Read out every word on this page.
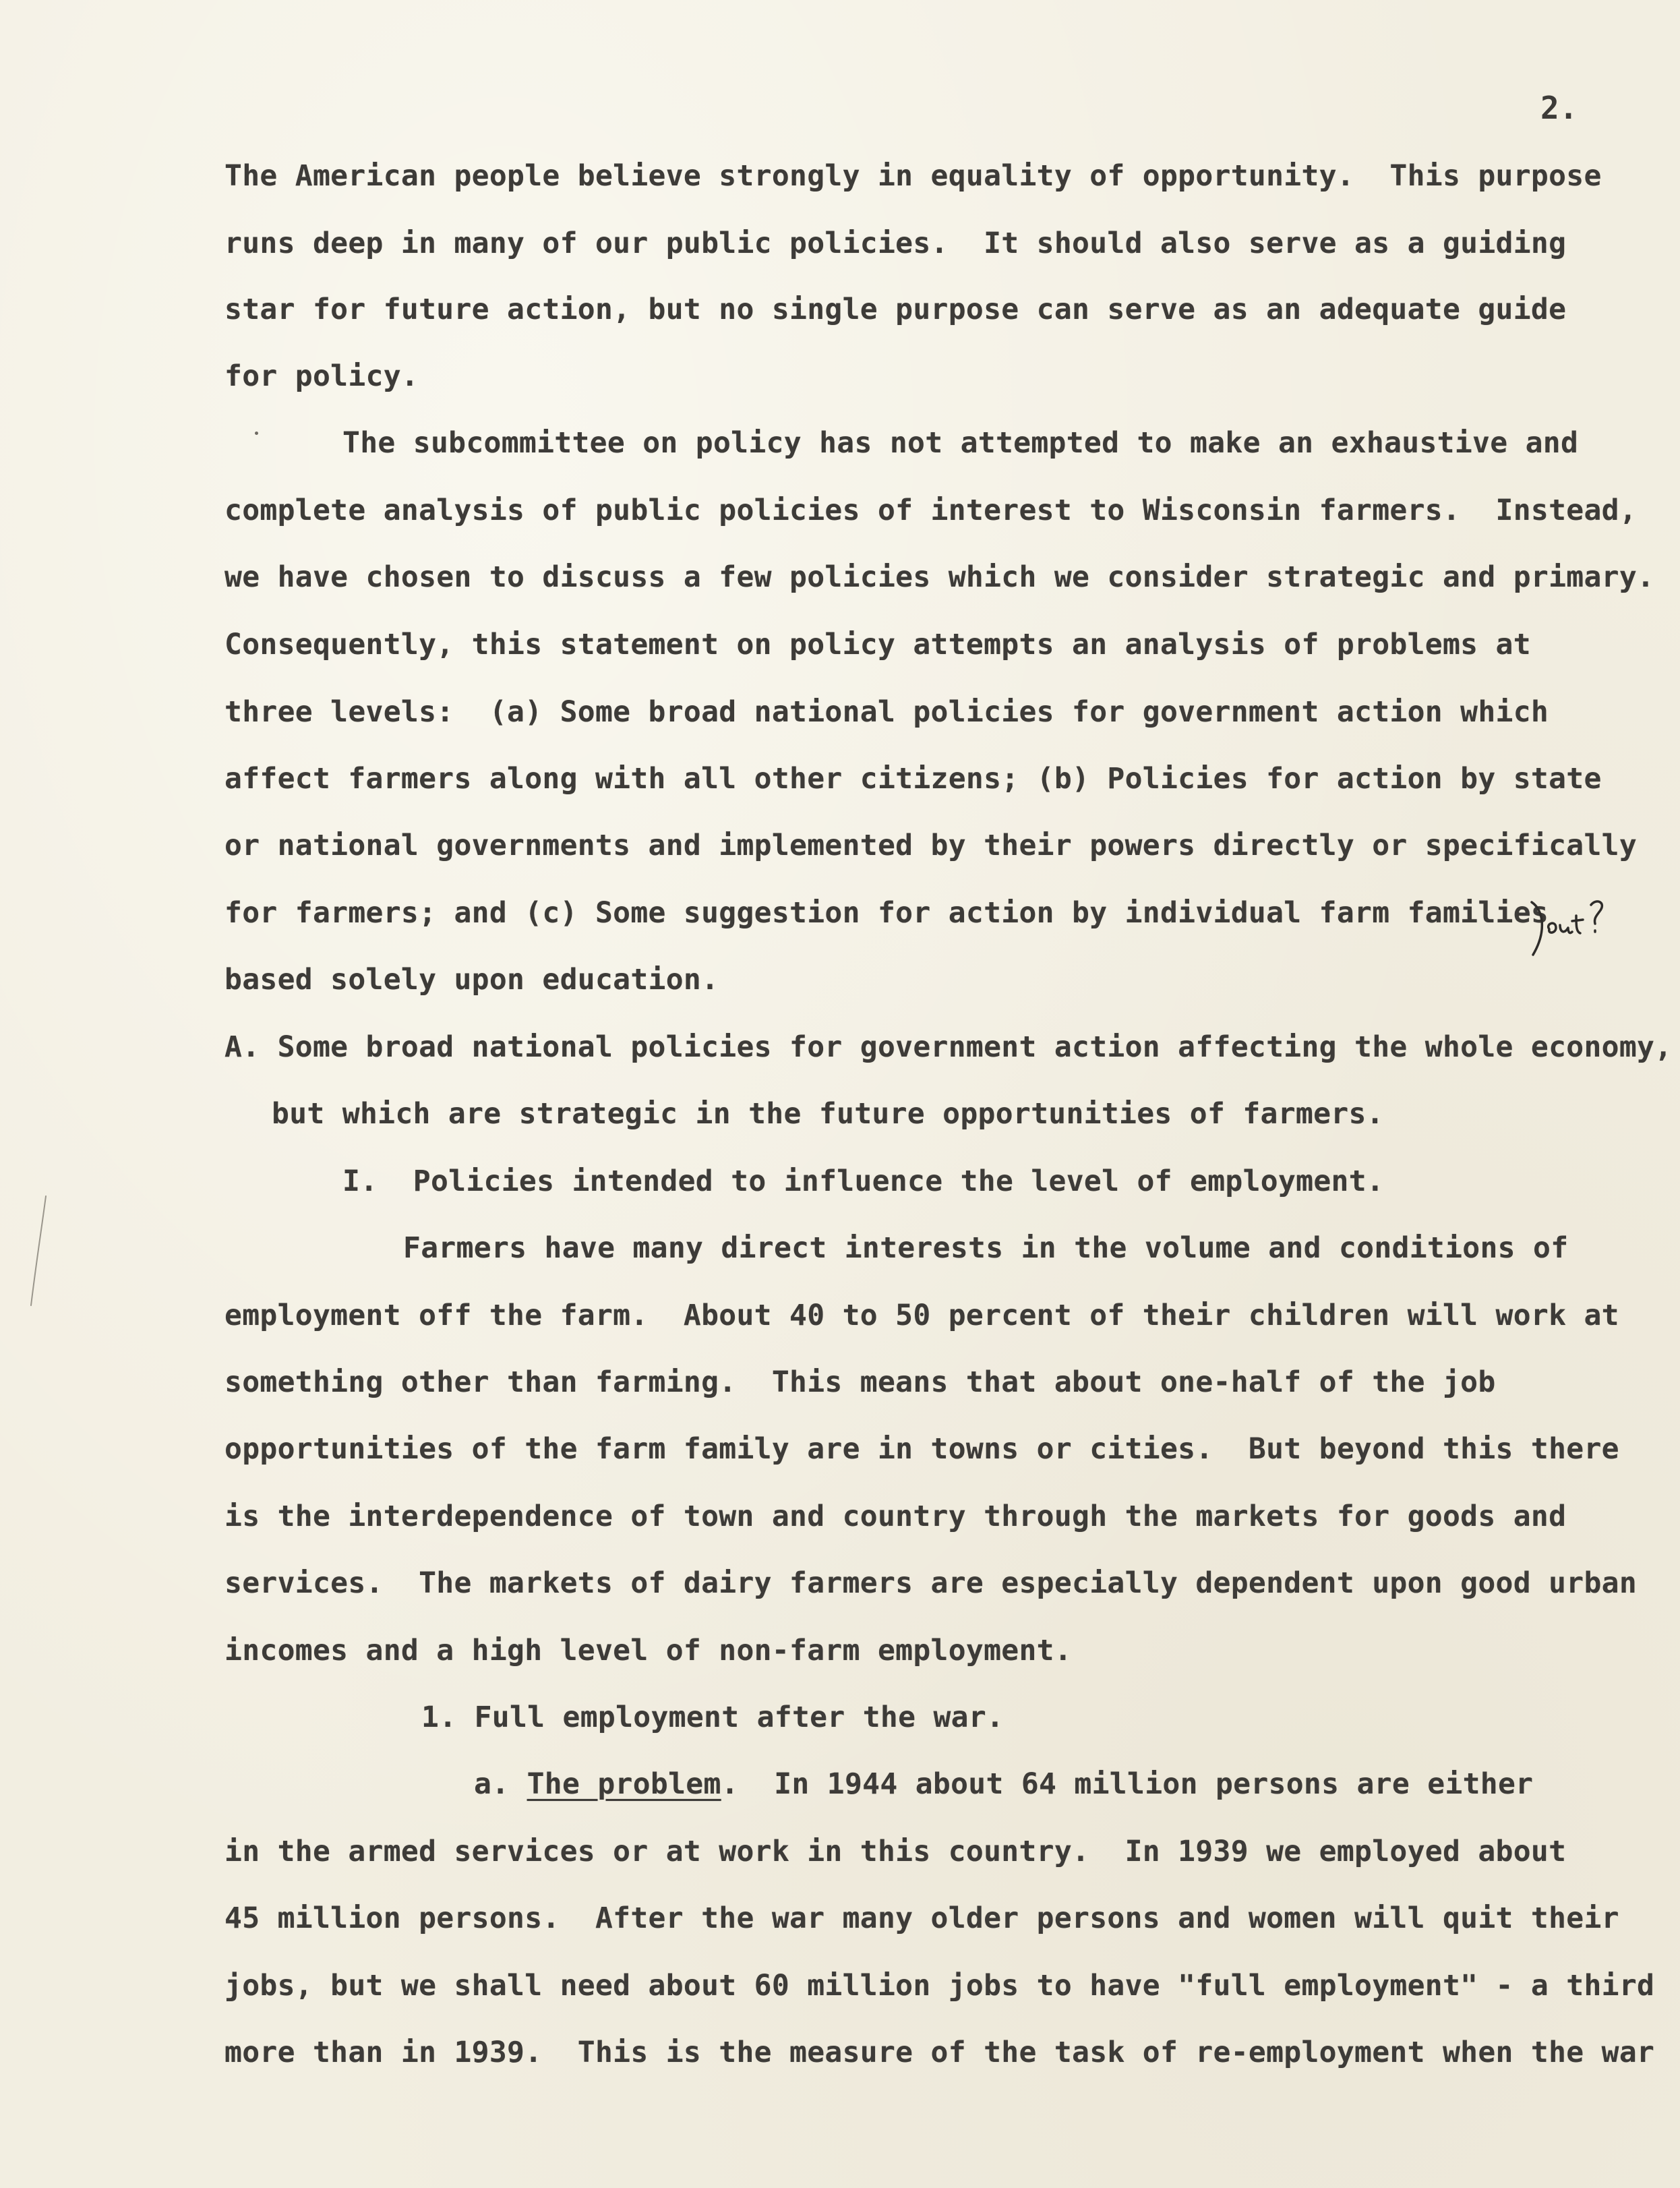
2.
The American people believe strongly in equality of opportunity.  This purpose
runs deep in many of our public policies.  It should also serve as a guiding
star for future action, but no single purpose can serve as an adequate guide
for policy.
The subcommittee on policy has not attempted to make an exhaustive and
complete analysis of public policies of interest to Wisconsin farmers.  Instead,
we have chosen to discuss a few policies which we consider strategic and primary.
Consequently, this statement on policy attempts an analysis of problems at
three levels:  (a) Some broad national policies for government action which
affect farmers along with all other citizens; (b) Policies for action by state
or national governments and implemented by their powers directly or specifically
for farmers; and (c) Some suggestion for action by individual farm families
based solely upon education.
A. Some broad national policies for government action affecting the whole economy,
but which are strategic in the future opportunities of farmers.
I.  Policies intended to influence the level of employment.
Farmers have many direct interests in the volume and conditions of
employment off the farm.  About 40 to 50 percent of their children will work at
something other than farming.  This means that about one-half of the job
opportunities of the farm family are in towns or cities.  But beyond this there
is the interdependence of town and country through the markets for goods and
services.  The markets of dairy farmers are especially dependent upon good urban
incomes and a high level of non-farm employment.
1. Full employment after the war.
a. The problem.  In 1944 about 64 million persons are either
in the armed services or at work in this country.  In 1939 we employed about
45 million persons.  After the war many older persons and women will quit their
jobs, but we shall need about 60 million jobs to have "full employment" - a third
more than in 1939.  This is the measure of the task of re-employment when the war
